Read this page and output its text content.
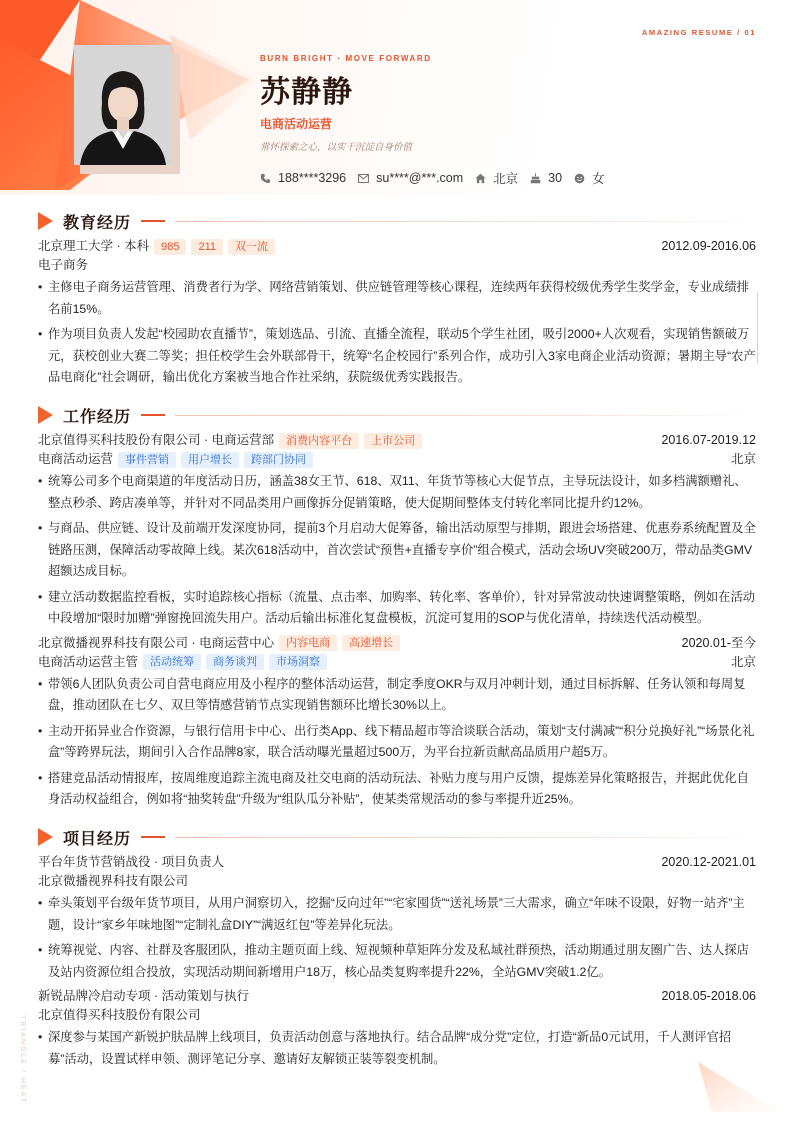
AMAZING RESUME / 01
TRIANGLE / HEAT
BURN BRIGHT · MOVE FORWARD
苏静静
电商活动运营
常怀探索之心，以实干沉淀自身价值
188****3296 su****@***.com 北京 30 女
教育经历
北京理工大学 · 本科	985	211	双一流	2012.09-2016.06
电子商务
• 主修电子商务运营管理、消费者行为学、网络营销策划、供应链管理等核心课程，连续两年获得校级优秀学生奖学金，专业成绩排名前15%。
• 作为项目负责人发起“校园助农直播节”，策划选品、引流、直播全流程，联动5个学生社团，吸引2000+人次观看，实现销售额破万元，获校创业大赛二等奖；担任校学生会外联部骨干，统筹“名企校园行”系列合作，成功引入3家电商企业活动资源；暑期主导“农产品电商化”社会调研，输出优化方案被当地合作社采纳，获院级优秀实践报告。
工作经历
北京值得买科技股份有限公司 · 电商运营部	消费内容平台	上市公司	2016.07-2019.12
电商活动运营	事件营销	用户增长	跨部门协同	北京
• 统筹公司多个电商渠道的年度活动日历，涵盖38女王节、618、双11、年货节等核心大促节点，主导玩法设计，如多档满额赠礼、整点秒杀、跨店凑单等，并针对不同品类用户画像拆分促销策略，使大促期间整体支付转化率同比提升约12%。
• 与商品、供应链、设计及前端开发深度协同，提前3个月启动大促筹备，输出活动原型与排期，跟进会场搭建、优惠券系统配置及全链路压测，保障活动零故障上线。某次618活动中，首次尝试“预售+直播专享价”组合模式，活动会场UV突破200万，带动品类GMV超额达成目标。
• 建立活动数据监控看板，实时追踪核心指标（流量、点击率、加购率、转化率、客单价），针对异常波动快速调整策略，例如在活动中段增加“限时加赠”弹窗挽回流失用户。活动后输出标准化复盘模板，沉淀可复用的SOP与优化清单，持续迭代活动模型。
北京微播视界科技有限公司 · 电商运营中心	内容电商	高速增长	2020.01-至今
电商活动运营主管	活动统筹	商务谈判	市场洞察	北京
• 带领6人团队负责公司自营电商应用及小程序的整体活动运营，制定季度OKR与双月冲刺计划，通过目标拆解、任务认领和每周复盘，推动团队在七夕、双旦等情感营销节点实现销售额环比增长30%以上。
• 主动开拓异业合作资源，与银行信用卡中心、出行类App、线下精品超市等洽谈联合活动，策划“支付满减”“积分兑换好礼”“场景化礼盒”等跨界玩法，期间引入合作品牌8家，联合活动曝光量超过500万，为平台拉新贡献高品质用户超5万。
• 搭建竞品活动情报库，按周维度追踪主流电商及社交电商的活动玩法、补贴力度与用户反馈，提炼差异化策略报告，并据此优化自身活动权益组合，例如将“抽奖转盘”升级为“组队瓜分补贴”，使某类常规活动的参与率提升近25%。
项目经历
平台年货节营销战役 · 项目负责人	2020.12-2021.01
北京微播视界科技有限公司
• 牵头策划平台级年货节项目，从用户洞察切入，挖掘“反向过年”“宅家囤货”“送礼场景”三大需求，确立“年味不设限，好物一站齐”主题，设计“家乡年味地图”“定制礼盒DIY”“满返红包”等差异化玩法。
• 统筹视觉、内容、社群及客服团队，推动主题页面上线、短视频种草矩阵分发及私域社群预热，活动期通过朋友圈广告、达人探店及站内资源位组合投放，实现活动期间新增用户18万，核心品类复购率提升22%，全站GMV突破1.2亿。
新锐品牌冷启动专项 · 活动策划与执行	2018.05-2018.06
北京值得买科技股份有限公司
• 深度参与某国产新锐护肤品牌上线项目，负责活动创意与落地执行。结合品牌“成分党”定位，打造“新品0元试用，千人测评官招募”活动，设置试样申领、测评笔记分享、邀请好友解锁正装等裂变机制。
